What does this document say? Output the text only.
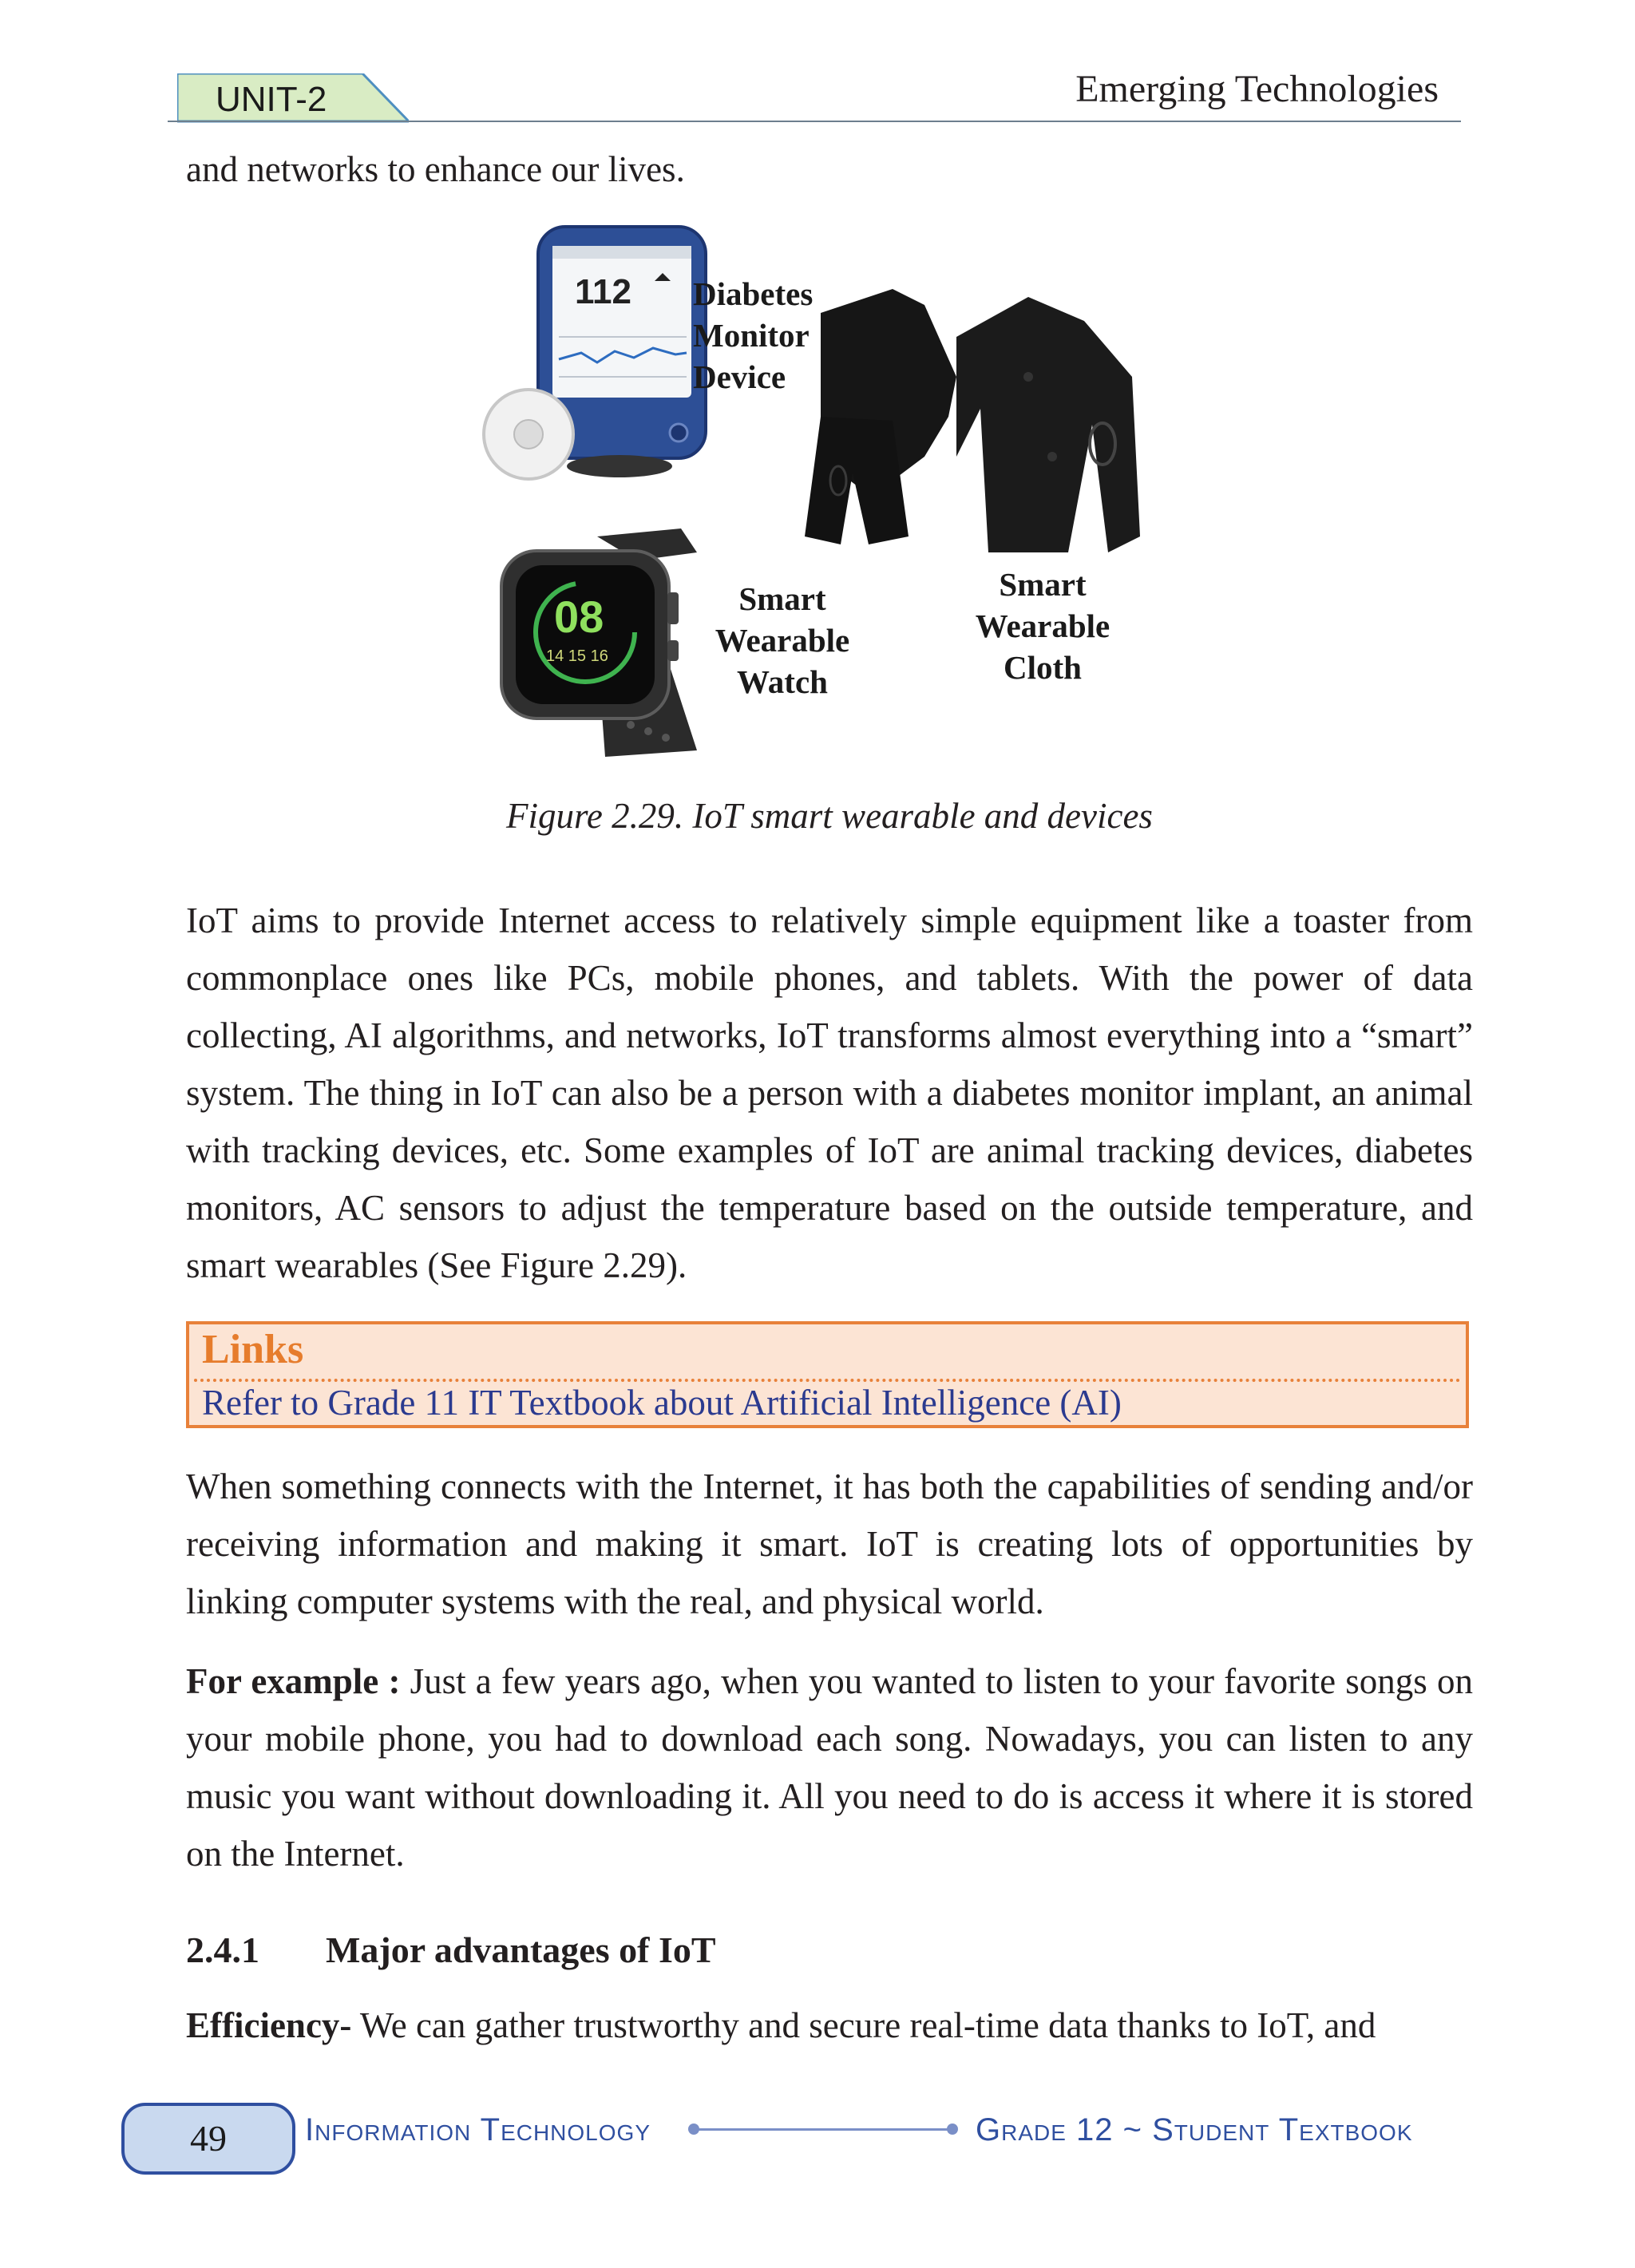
UNIT-2	Emerging Technologies
and networks to enhance our lives.
112
08
14 15 16
Diabetes
Monitor
Device
Smart
Wearable
Watch
Smart
Wearable
Cloth
Figure 2.29. IoT smart wearable and devices
IoT aims to provide Internet access to relatively simple equipment like a toaster from commonplace ones like PCs, mobile phones, and tablets. With the power of data collecting, AI algorithms, and networks, IoT transforms almost everything into a “smart” system. The thing in IoT can also be a person with a diabetes monitor implant, an animal with tracking devices, etc. Some examples of IoT are animal tracking devices, diabetes monitors, AC sensors to adjust the temperature based on the outside temperature, and smart wearables (See Figure 2.29).
Links
Refer to Grade 11 IT Textbook about Artificial Intelligence (AI)
When something connects with the Internet, it has both the capabilities of sending and/or receiving information and making it smart. IoT is creating lots of opportunities by linking computer systems with the real, and physical world.
For example : Just a few years ago, when you wanted to listen to your favorite songs on your mobile phone, you had to download each song. Nowadays, you can listen to any music you want without downloading it. All you need to do is access it where it is stored on the Internet.
2.4.1 Major advantages of IoT
Efficiency- We can gather trustworthy and secure real-time data thanks to IoT, and
49	Information Technology	Grade 12 ~ Student Textbook
